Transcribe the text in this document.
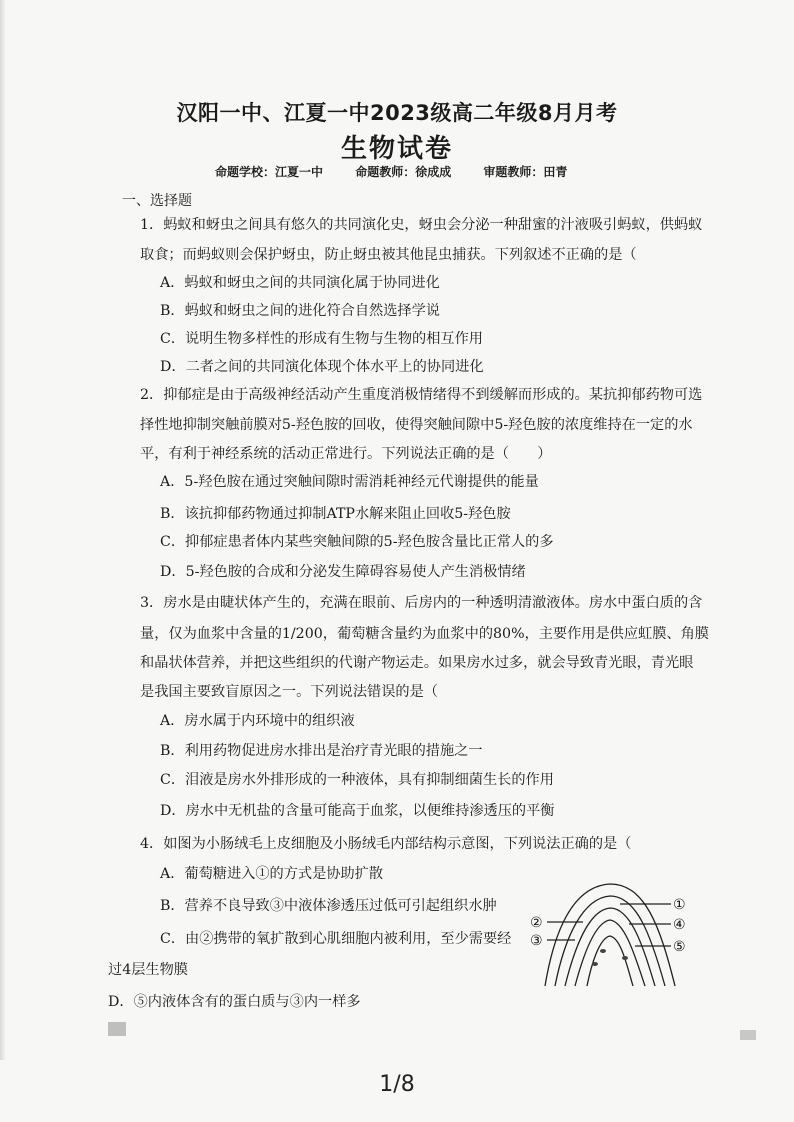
汉阳一中、江夏一中2023级高二年级8月月考
生物试卷
命题学校：江夏一中	命题教师：徐成成	审题教师：田青
一、选择题
1．蚂蚁和蚜虫之间具有悠久的共同演化史，蚜虫会分泌一种甜蜜的汁液吸引蚂蚁，供蚂蚁
取食；而蚂蚁则会保护蚜虫，防止蚜虫被其他昆虫捕获。下列叙述不正确的是（
A．蚂蚁和蚜虫之间的共同演化属于协同进化
B．蚂蚁和蚜虫之间的进化符合自然选择学说
C．说明生物多样性的形成有生物与生物的相互作用
D．二者之间的共同演化体现个体水平上的协同进化
2．抑郁症是由于高级神经活动产生重度消极情绪得不到缓解而形成的。某抗抑郁药物可选
择性地抑制突触前膜对5-羟色胺的回收，使得突触间隙中5-羟色胺的浓度维持在一定的水
平，有利于神经系统的活动正常进行。下列说法正确的是（　　）
A．5-羟色胺在通过突触间隙时需消耗神经元代谢提供的能量
B．该抗抑郁药物通过抑制ATP水解来阻止回收5-羟色胺
C．抑郁症患者体内某些突触间隙的5-羟色胺含量比正常人的多
D．5-羟色胺的合成和分泌发生障碍容易使人产生消极情绪
3．房水是由睫状体产生的，充满在眼前、后房内的一种透明清澈液体。房水中蛋白质的含
量，仅为血浆中含量的1/200，葡萄糖含量约为血浆中的80%，主要作用是供应虹膜、角膜
和晶状体营养，并把这些组织的代谢产物运走。如果房水过多，就会导致青光眼，青光眼
是我国主要致盲原因之一。下列说法错误的是（
A．房水属于内环境中的组织液
B．利用药物促进房水排出是治疗青光眼的措施之一
C．泪液是房水外排形成的一种液体，具有抑制细菌生长的作用
D．房水中无机盐的含量可能高于血浆，以便维持渗透压的平衡
4．如图为小肠绒毛上皮细胞及小肠绒毛内部结构示意图，下列说法正确的是（
A．葡萄糖进入①的方式是协助扩散
B．营养不良导致③中液体渗透压过低可引起组织水肿
C．由②携带的氧扩散到心肌细胞内被利用，至少需要经
过4层生物膜
D．⑤内液体含有的蛋白质与③内一样多
①
②
③
④
⑤
1/8
